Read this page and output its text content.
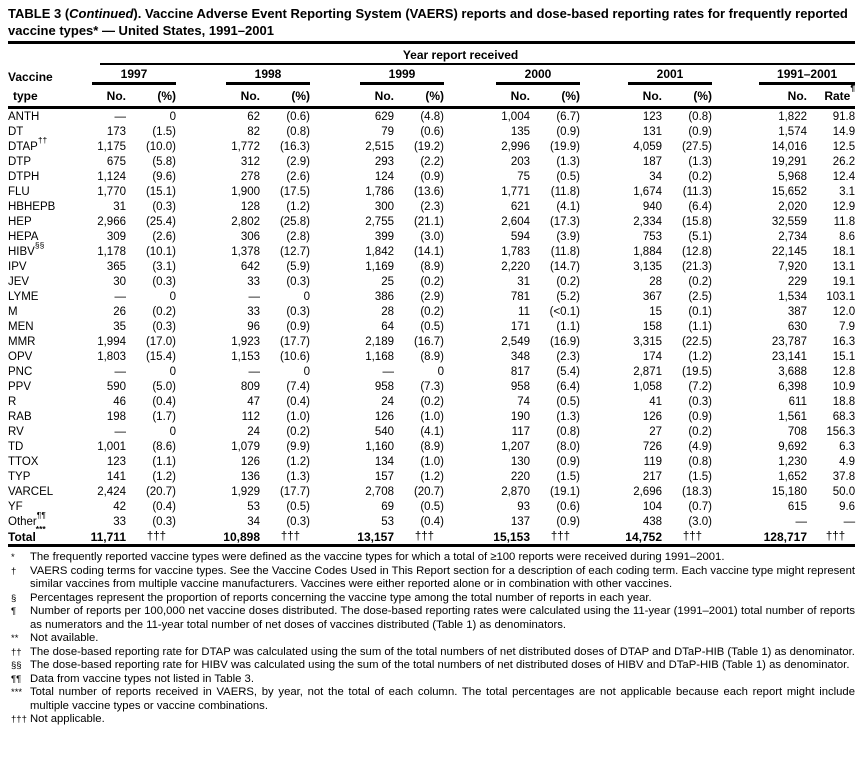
TABLE 3 (Continued). Vaccine Adverse Event Reporting System (VAERS) reports and dose-based reporting rates for frequently reported vaccine types* — United States, 1991–2001
	Year report received											
Vaccine	1997		1998		1999		2000		2001		1991–2001	

type	No.	(%)	No.	(%)	No.	(%)	No.	(%)	No.	(%)	No.	Rate¶
ANTH	—	0	62	(0.6)	629	(4.8)	1,004	(6.7)	123	(0.8)	1,822	91.8
DT	173	(1.5)	82	(0.8)	79	(0.6)	135	(0.9)	131	(0.9)	1,574	14.9
DTAP††	1,175	(10.0)	1,772	(16.3)	2,515	(19.2)	2,996	(19.9)	4,059	(27.5)	14,016	12.5
DTP	675	(5.8)	312	(2.9)	293	(2.2)	203	(1.3)	187	(1.3)	19,291	26.2
DTPH	1,124	(9.6)	278	(2.6)	124	(0.9)	75	(0.5)	34	(0.2)	5,968	12.4
FLU	1,770	(15.1)	1,900	(17.5)	1,786	(13.6)	1,771	(11.8)	1,674	(11.3)	15,652	3.1
HBHEPB	31	(0.3)	128	(1.2)	300	(2.3)	621	(4.1)	940	(6.4)	2,020	12.9
HEP	2,966	(25.4)	2,802	(25.8)	2,755	(21.1)	2,604	(17.3)	2,334	(15.8)	32,559	11.8
HEPA	309	(2.6)	306	(2.8)	399	(3.0)	594	(3.9)	753	(5.1)	2,734	8.6
HIBV§§	1,178	(10.1)	1,378	(12.7)	1,842	(14.1)	1,783	(11.8)	1,884	(12.8)	22,145	18.1
IPV	365	(3.1)	642	(5.9)	1,169	(8.9)	2,220	(14.7)	3,135	(21.3)	7,920	13.1
JEV	30	(0.3)	33	(0.3)	25	(0.2)	31	(0.2)	28	(0.2)	229	19.1
LYME	—	0	—	0	386	(2.9)	781	(5.2)	367	(2.5)	1,534	103.1
M	26	(0.2)	33	(0.3)	28	(0.2)	11	(<0.1)	15	(0.1)	387	12.0
MEN	35	(0.3)	96	(0.9)	64	(0.5)	171	(1.1)	158	(1.1)	630	7.9
MMR	1,994	(17.0)	1,923	(17.7)	2,189	(16.7)	2,549	(16.9)	3,315	(22.5)	23,787	16.3
OPV	1,803	(15.4)	1,153	(10.6)	1,168	(8.9)	348	(2.3)	174	(1.2)	23,141	15.1
PNC	—	0	—	0	—	0	817	(5.4)	2,871	(19.5)	3,688	12.8
PPV	590	(5.0)	809	(7.4)	958	(7.3)	958	(6.4)	1,058	(7.2)	6,398	10.9
R	46	(0.4)	47	(0.4)	24	(0.2)	74	(0.5)	41	(0.3)	611	18.8
RAB	198	(1.7)	112	(1.0)	126	(1.0)	190	(1.3)	126	(0.9)	1,561	68.3
RV	—	0	24	(0.2)	540	(4.1)	117	(0.8)	27	(0.2)	708	156.3
TD	1,001	(8.6)	1,079	(9.9)	1,160	(8.9)	1,207	(8.0)	726	(4.9)	9,692	6.3
TTOX	123	(1.1)	126	(1.2)	134	(1.0)	130	(0.9)	119	(0.8)	1,230	4.9
TYP	141	(1.2)	136	(1.3)	157	(1.2)	220	(1.5)	217	(1.5)	1,652	37.8
VARCEL	2,424	(20.7)	1,929	(17.7)	2,708	(20.7)	2,870	(19.1)	2,696	(18.3)	15,180	50.0
YF	42	(0.4)	53	(0.5)	69	(0.5)	93	(0.6)	104	(0.7)	615	9.6
Other¶¶	33	(0.3)	34	(0.3)	53	(0.4)	137	(0.9)	438	(3.0)	—	—
Total***	11,711	†††	10,898	†††	13,157	†††	15,153	†††	14,752	†††	128,717	†††
*	The frequently reported vaccine types were defined as the vaccine types for which a total of ≥100 reports were received during 1991–2001.
†	VAERS coding terms for vaccine types. See the Vaccine Codes Used in This Report section for a description of each coding term. Each vaccine type might represent similar vaccines from multiple vaccine manufacturers. Vaccines were either reported alone or in combination with other vaccines.
§	Percentages represent the proportion of reports concerning the vaccine type among the total number of reports in each year.
¶	Number of reports per 100,000 net vaccine doses distributed. The dose-based reporting rates were calculated using the 11-year (1991–2001) total number of reports as numerators and the 11-year total number of net doses of vaccines distributed (Table 1) as denominators.
**	Not available.
†† The dose-based reporting rate for DTAP was calculated using the sum of the total numbers of net distributed doses of DTAP and DTaP-HIB (Table 1) as denominator.
§§ The dose-based reporting rate for HIBV was calculated using the sum of the total numbers of net distributed doses of HIBV and DTaP-HIB (Table 1) as denominator.
¶¶ Data from vaccine types not listed in Table 3.
*** Total number of reports received in VAERS, by year, not the total of each column. The total percentages are not applicable because each report might include multiple vaccine types or vaccine combinations.
††† Not applicable.
